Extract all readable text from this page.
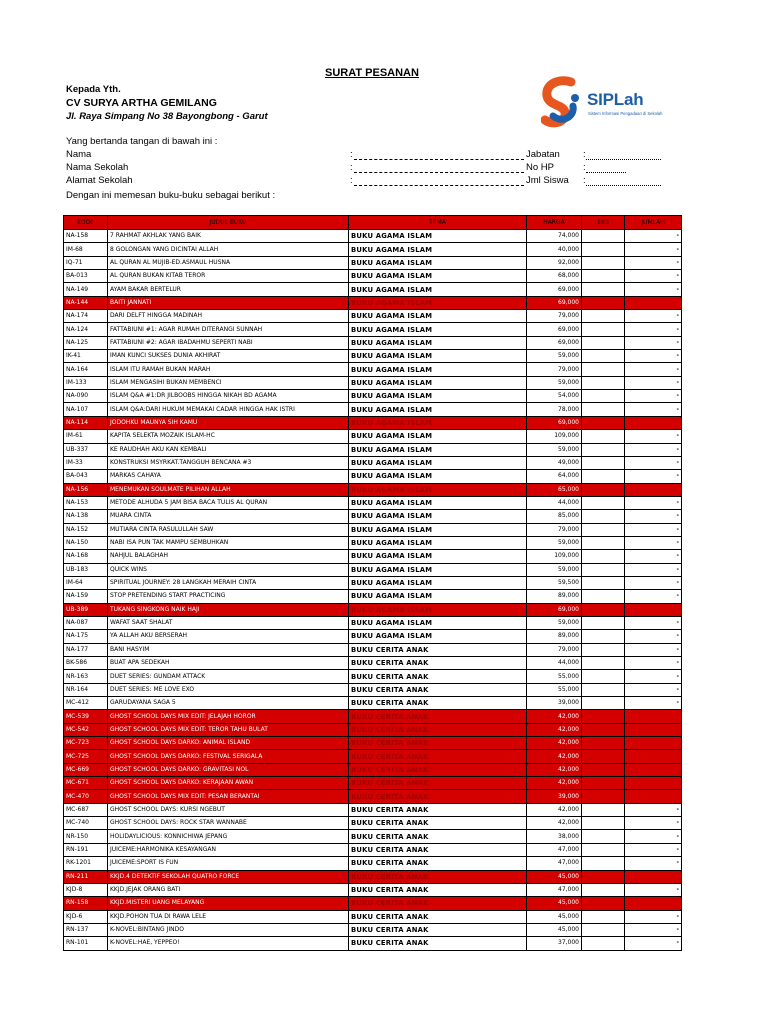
SURAT PESANAN
Kepada Yth.
CV SURYA ARTHA GEMILANG
Jl. Raya Simpang No 38 Bayongbong - Garut
SIPLah
Sistem Informasi Pengadaan di Sekolah
Yang bertanda tangan di bawah ini :
Nama	:	Jabatan :
Nama Sekolah	:	No HP	:
Alamat Sekolah	:	Jml Siswa :
Dengan ini memesan buku-buku sebagai berikut :
KODE	JUDUL BUKU	TEMA	HARGA	EKS	JUMLAH
NA-158	7 RAHMAT AKHLAK YANG BAIK	BUKU AGAMA ISLAM	74,000		-
IM-68	8 GOLONGAN YANG DICINTAI ALLAH	BUKU AGAMA ISLAM	40,000		-
IQ-71	AL QURAN AL MUJIB-ED.ASMAUL HUSNA	BUKU AGAMA ISLAM	92,000		-
BA-013	AL QURAN BUKAN KITAB TEROR	BUKU AGAMA ISLAM	68,000		-
NA-149	AYAM BAKAR BERTELUR	BUKU AGAMA ISLAM	69,000		-
NA-144	BAITI JANNATI	BUKU AGAMA ISLAM	69,000		-
NA-174	DARI DELFT HINGGA MADINAH	BUKU AGAMA ISLAM	79,000		-
NA-124	FATTABIUNI #1: AGAR RUMAH DITERANGI SUNNAH	BUKU AGAMA ISLAM	69,000		-
NA-125	FATTABIUNI #2: AGAR IBADAHMU SEPERTI NABI	BUKU AGAMA ISLAM	69,000		-
IK-41	IMAN KUNCI SUKSES DUNIA AKHIRAT	BUKU AGAMA ISLAM	59,000		-
NA-164	ISLAM ITU RAMAH BUKAN MARAH	BUKU AGAMA ISLAM	79,000		-
IM-133	ISLAM MENGASIHI BUKAN MEMBENCI	BUKU AGAMA ISLAM	59,000		-
NA-090	ISLAM Q&A #1:DR JILBOOBS HINGGA NIKAH BD AGAMA	BUKU AGAMA ISLAM	54,000		-
NA-107	ISLAM Q&A:DARI HUKUM MEMAKAI CADAR HINGGA HAK ISTRI	BUKU AGAMA ISLAM	78,000		-
NA-114	JODOHKU MAUNYA SIH KAMU	BUKU AGAMA ISLAM	69,000		-
IM-61	KAPITA SELEKTA MOZAIK ISLAM-HC	BUKU AGAMA ISLAM	109,000		-
UB-337	KE RAUDHAH AKU KAN KEMBALI	BUKU AGAMA ISLAM	59,000		-
IM-33	KONSTRUKSI MSYRKAT.TANGGUH BENCANA #3	BUKU AGAMA ISLAM	49,000		-
BA-043	MARKAS CAHAYA	BUKU AGAMA ISLAM	64,000		-
NA-156	MENEMUKAN SOULMATE PILIHAN ALLAH	BUKU AGAMA ISLAM	65,000		-
NA-153	METODE ALHUDA 5 JAM BISA BACA TULIS AL QURAN	BUKU AGAMA ISLAM	44,000		-
NA-138	MUARA CINTA	BUKU AGAMA ISLAM	85,000		-
NA-152	MUTIARA CINTA RASULULLAH SAW	BUKU AGAMA ISLAM	79,000		-
NA-150	NABI ISA PUN TAK MAMPU SEMBUHKAN	BUKU AGAMA ISLAM	59,000		-
NA-168	NAHJUL BALAGHAH	BUKU AGAMA ISLAM	109,000		-
UB-183	QUICK WINS	BUKU AGAMA ISLAM	59,000		-
IM-64	SPIRITUAL JOURNEY: 28 LANGKAH MERAIH CINTA	BUKU AGAMA ISLAM	59,500		-
NA-159	STOP PRETENDING START PRACTICING	BUKU AGAMA ISLAM	89,000		-
UB-389	TUKANG SINGKONG NAIK HAJI	BUKU AGAMA ISLAM	69,000		-
NA-087	WAFAT SAAT SHALAT	BUKU AGAMA ISLAM	59,000		-
NA-175	YA ALLAH AKU BERSERAH	BUKU AGAMA ISLAM	89,000		-
NA-177	BANI HASYIM	BUKU CERITA ANAK	79,000		-
BK-586	BUAT APA SEDEKAH	BUKU CERITA ANAK	44,000		-
NR-163	DUET SERIES: GUNDAM ATTACK	BUKU CERITA ANAK	55,000		-
NR-164	DUET SERIES: ME LOVE EXO	BUKU CERITA ANAK	55,000		-
MC-412	GARUDAYANA SAGA 5	BUKU CERITA ANAK	39,000		-
MC-539	GHOST SCHOOL DAYS MIX EDIT: JELAJAH HOROR	BUKU CERITA ANAK	42,000		-
MC-542	GHOST SCHOOL DAYS MIX EDIT: TEROR TAHU BULAT	BUKU CERITA ANAK	42,000		-
MC-723	GHOST SCHOOL DAYS DARKO: ANIMAL ISLAND	BUKU CERITA ANAK	42,000		-
MC-725	GHOST SCHOOL DAYS DARKO: FESTIVAL SERIGALA	BUKU CERITA ANAK	42,000		-
MC-669	GHOST SCHOOL DAYS DARKO: GRAVITASI NOL	BUKU CERITA ANAK	42,000		-
MC-671	GHOST SCHOOL DAYS DARKO: KERAJAAN AWAN	BUKU CERITA ANAK	42,000		-
MC-470	GHOST SCHOOL DAYS MIX EDIT: PESAN BERANTAI	BUKU CERITA ANAK	39,000		-
MC-687	GHOST SCHOOL DAYS: KURSI NGEBUT	BUKU CERITA ANAK	42,000		-
MC-740	GHOST SCHOOL DAYS: ROCK STAR WANNABE	BUKU CERITA ANAK	42,000		-
NR-150	HOLIDAYLICIOUS: KONNICHIWA JEPANG	BUKU CERITA ANAK	38,000		-
RN-191	JUICEME:HARMONIKA KESAYANGAN	BUKU CERITA ANAK	47,000		-
RK-1201	JUICEME:SPORT IS FUN	BUKU CERITA ANAK	47,000		-
RN-211	KKJD.4 DETEKTIF SEKOLAH QUATRO FORCE	BUKU CERITA ANAK	45,000		-
KJD-8	KKJD.JEJAK ORANG BATI	BUKU CERITA ANAK	47,000		-
RN-158	KKJD.MISTERI UANG MELAYANG	BUKU CERITA ANAK	45,000		-
KJD-6	KKJD.POHON TUA DI RAWA LELE	BUKU CERITA ANAK	45,000		-
RN-137	K-NOVEL:BINTANG JINDO	BUKU CERITA ANAK	45,000		-
RN-101	K-NOVEL:HAE, YEPPEO!	BUKU CERITA ANAK	37,000		-
